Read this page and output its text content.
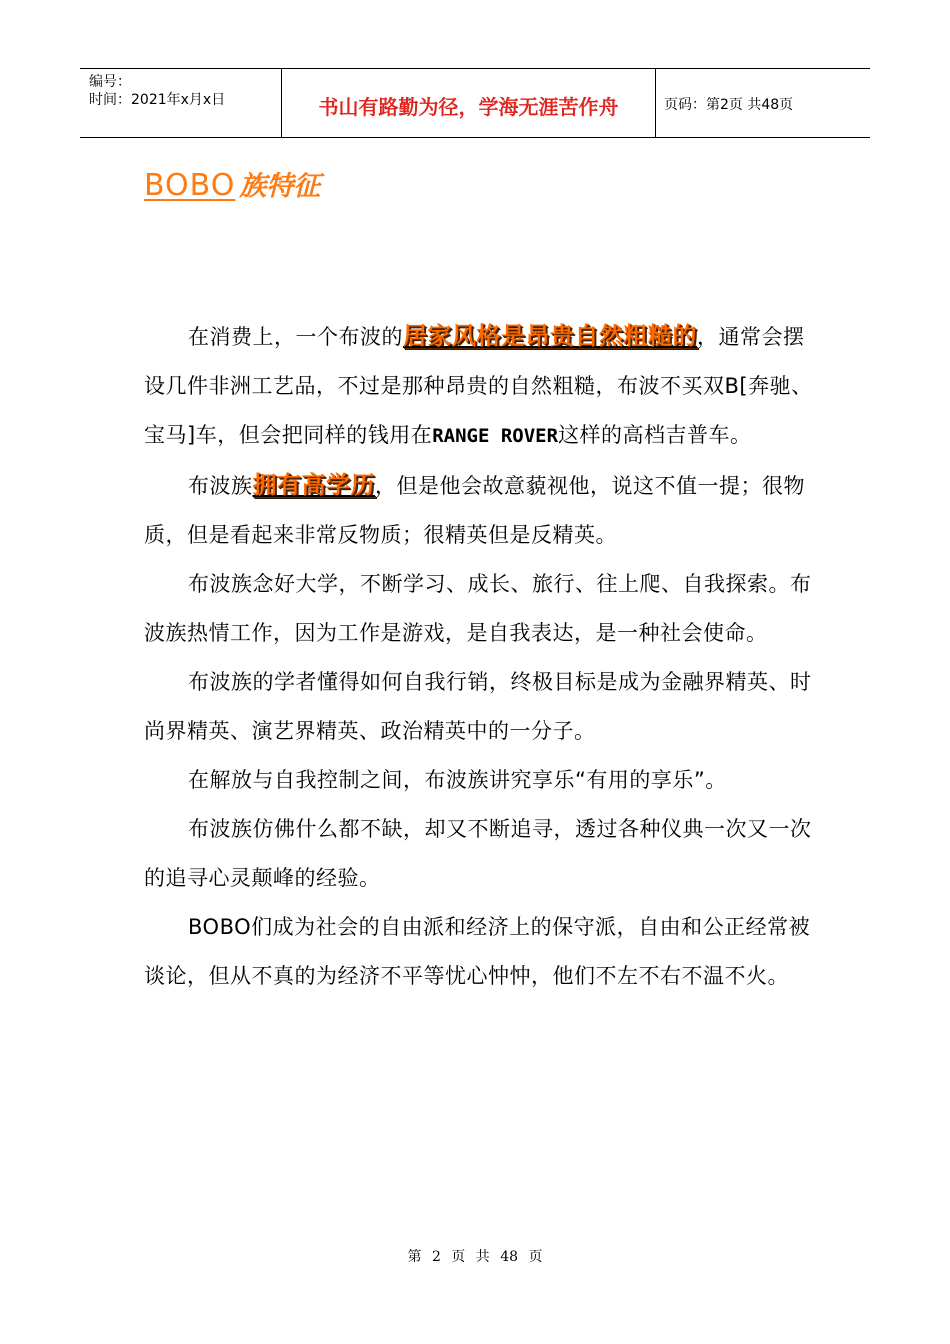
编号：
时间：2021年x月x日	书山有路勤为径，学海无涯苦作舟	页码：第2页 共48页
BOBO 族特征

在消费上，一个布波的居家风格是昂贵自然粗糙的，通常会摆设几件非洲工艺品，不过是那种昂贵的自然粗糙，布波不买双B[奔驰、宝马]车，但会把同样的钱用在RANGE ROVER这样的高档吉普车。

布波族拥有高学历，但是他会故意藐视他，说这不值一提；很物质，但是看起来非常反物质；很精英但是反精英。

布波族念好大学，不断学习、成长、旅行、往上爬、自我探索。布波族热情工作，因为工作是游戏，是自我表达，是一种社会使命。

布波族的学者懂得如何自我行销，终极目标是成为金融界精英、时尚界精英、演艺界精英、政治精英中的一分子。

在解放与自我控制之间，布波族讲究享乐“有用的享乐”。

布波族仿佛什么都不缺，却又不断追寻，透过各种仪典一次又一次的追寻心灵颠峰的经验。

BOBO们成为社会的自由派和经济上的保守派，自由和公正经常被谈论，但从不真的为经济不平等忧心忡忡，他们不左不右不温不火。

第 2 页 共 48 页
